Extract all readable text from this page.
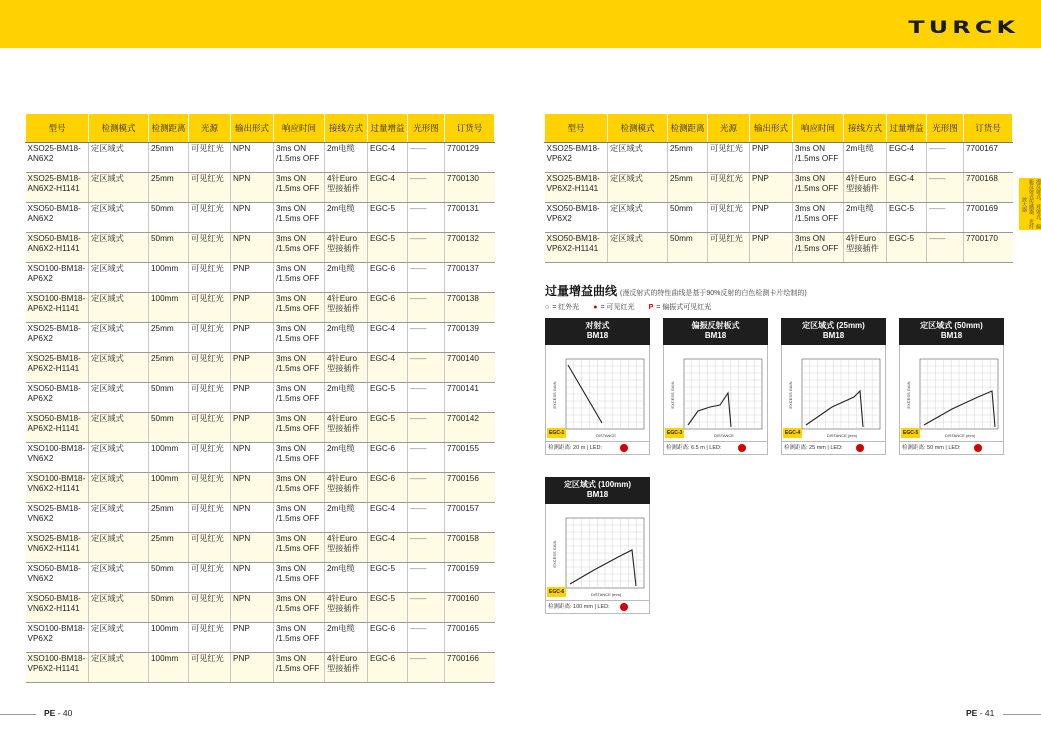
TURCK
漫反射式、对射式、偏振反射式传感器、光纤放大器
型号	检测模式	检测距离	光源	输出形式	响应时间	接线方式	过量增益	光形图	订货号
XSO25-BM18-AN6X2	定区域式	25mm	可见红光	NPN	3ms ON /1.5ms OFF	2m电缆	EGC-4	——	7700129
XSO25-BM18-AN6X2-H1141	定区域式	25mm	可见红光	NPN	3ms ON /1.5ms OFF	4针Euro 型接插件	EGC-4	——	7700130
XSO50-BM18-AN6X2	定区域式	50mm	可见红光	NPN	3ms ON /1.5ms OFF	2m电缆	EGC-5	——	7700131
XSO50-BM18-AN6X2-H1141	定区域式	50mm	可见红光	NPN	3ms ON /1.5ms OFF	4针Euro 型接插件	EGC-5	——	7700132
XSO100-BM18-AP6X2	定区域式	100mm	可见红光	PNP	3ms ON /1.5ms OFF	2m电缆	EGC-6	——	7700137
XSO100-BM18-AP6X2-H1141	定区域式	100mm	可见红光	PNP	3ms ON /1.5ms OFF	4针Euro 型接插件	EGC-6	——	7700138
XSO25-BM18-AP6X2	定区域式	25mm	可见红光	PNP	3ms ON /1.5ms OFF	2m电缆	EGC-4	——	7700139
XSO25-BM18-AP6X2-H1141	定区域式	25mm	可见红光	PNP	3ms ON /1.5ms OFF	4针Euro 型接插件	EGC-4	——	7700140
XSO50-BM18-AP6X2	定区域式	50mm	可见红光	PNP	3ms ON /1.5ms OFF	2m电缆	EGC-5	——	7700141
XSO50-BM18-AP6X2-H1141	定区域式	50mm	可见红光	PNP	3ms ON /1.5ms OFF	4针Euro 型接插件	EGC-5	——	7700142
XSO100-BM18-VN6X2	定区域式	100mm	可见红光	NPN	3ms ON /1.5ms OFF	2m电缆	EGC-6	——	7700155
XSO100-BM18-VN6X2-H1141	定区域式	100mm	可见红光	NPN	3ms ON /1.5ms OFF	4针Euro 型接插件	EGC-6	——	7700156
XSO25-BM18-VN6X2	定区域式	25mm	可见红光	NPN	3ms ON /1.5ms OFF	2m电缆	EGC-4	——	7700157
XSO25-BM18-VN6X2-H1141	定区域式	25mm	可见红光	NPN	3ms ON /1.5ms OFF	4针Euro 型接插件	EGC-4	——	7700158
XSO50-BM18-VN6X2	定区域式	50mm	可见红光	NPN	3ms ON /1.5ms OFF	2m电缆	EGC-5	——	7700159
XSO50-BM18-VN6X2-H1141	定区域式	50mm	可见红光	NPN	3ms ON /1.5ms OFF	4针Euro 型接插件	EGC-5	——	7700160
XSO100-BM18-VP6X2	定区域式	100mm	可见红光	PNP	3ms ON /1.5ms OFF	2m电缆	EGC-6	——	7700165
XSO100-BM18-VP6X2-H1141	定区域式	100mm	可见红光	PNP	3ms ON /1.5ms OFF	4针Euro 型接插件	EGC-6	——	7700166
型号	检测模式	检测距离	光源	输出形式	响应时间	接线方式	过量增益	光形图	订货号
XSO25-BM18-VP6X2	定区域式	25mm	可见红光	PNP	3ms ON /1.5ms OFF	2m电缆	EGC-4	——	7700167
XSO25-BM18-VP6X2-H1141	定区域式	25mm	可见红光	PNP	3ms ON /1.5ms OFF	4针Euro 型接插件	EGC-4	——	7700168
XSO50-BM18-VP6X2	定区域式	50mm	可见红光	PNP	3ms ON /1.5ms OFF	2m电缆	EGC-5	——	7700169
XSO50-BM18-VP6X2-H1141	定区域式	50mm	可见红光	PNP	3ms ON /1.5ms OFF	4针Euro 型接插件	EGC-5	——	7700170
过量增益曲线 (漫反射式的特性曲线是基于90%反射的白色检测卡片绘制的)
○ = 红外光 ● = 可见红光 P = 偏振式可见红光
对射式
BM18
EXCESS GAIN
DISTANCE
EGC-1
检测距离: 20 m | LED:
偏振反射板式
BM18
EXCESS GAIN
DISTANCE
EGC-3
检测距离: 6.5 m | LED:
定区域式 (25mm)
BM18
EXCESS GAIN
DISTANCE (mm)
EGC-4
检测距离: 25 mm | LED:
定区域式 (50mm)
BM18
EXCESS GAIN
DISTANCE (mm)
EGC-5
检测距离: 50 mm | LED:
定区域式 (100mm)
BM18
EXCESS GAIN
DISTANCE (mm)
EGC-6
检测距离: 100 mm | LED:
PE - 40	PE - 41
